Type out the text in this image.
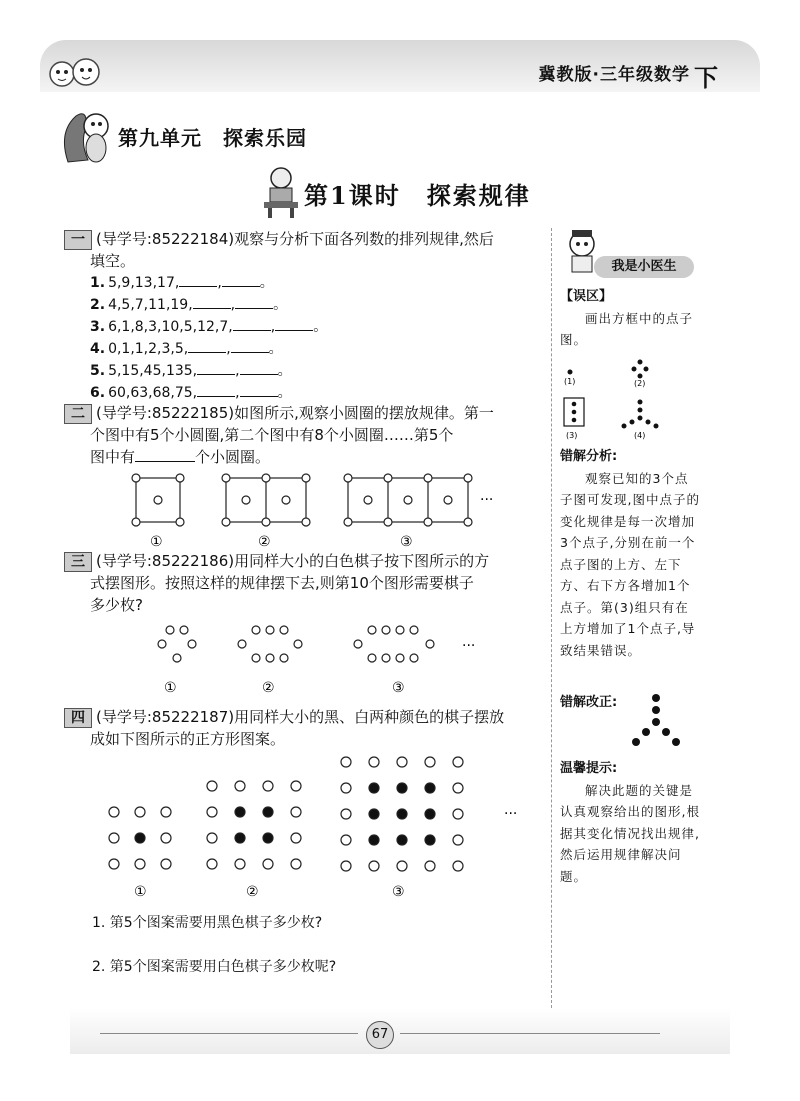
冀教版·三年级数学 下
第九单元　探索乐园
第1课时　探索规律
一 (导学号:85222184)观察与分析下面各列数的排列规律,然后
填空。
1. 5,9,13,17,	,	。
2. 4,5,7,11,19,	,	。
3. 6,1,8,3,10,5,12,7,	,	。
4. 0,1,1,2,3,5,	,	。
5. 5,15,45,135,	,	。
6. 60,63,68,75,	,	。
二 (导学号:85222185)如图所示,观察小圆圈的摆放规律。第一
个图中有5个小圆圈,第二个图中有8个小圆圈……第5个
图中有	个小圆圈。
···
①	②	③
三 (导学号:85222186)用同样大小的白色棋子按下图所示的方
式摆图形。按照这样的规律摆下去,则第10个图形需要棋子
多少枚?
···
①	②	③
四 (导学号:85222187)用同样大小的黑、白两种颜色的棋子摆放
成如下图所示的正方形图案。
···
①	②	③
1. 第5个图案需要用黑色棋子多少枚?
2. 第5个图案需要用白色棋子多少枚呢?
我是小医生
【误区】

画出方框中的点子图。

(1)	(2)
(3)	(4)
错解分析:

观察已知的3个点子图可发现,图中点子的变化规律是每一次增加3个点子,分别在前一个点子图的上方、左下方、右下方各增加1个点子。第(3)组只有在上方增加了1个点子,导致结果错误。

错解改正:
温馨提示:

解决此题的关键是认真观察给出的图形,根据其变化情况找出规律,然后运用规律解决问题。

67
